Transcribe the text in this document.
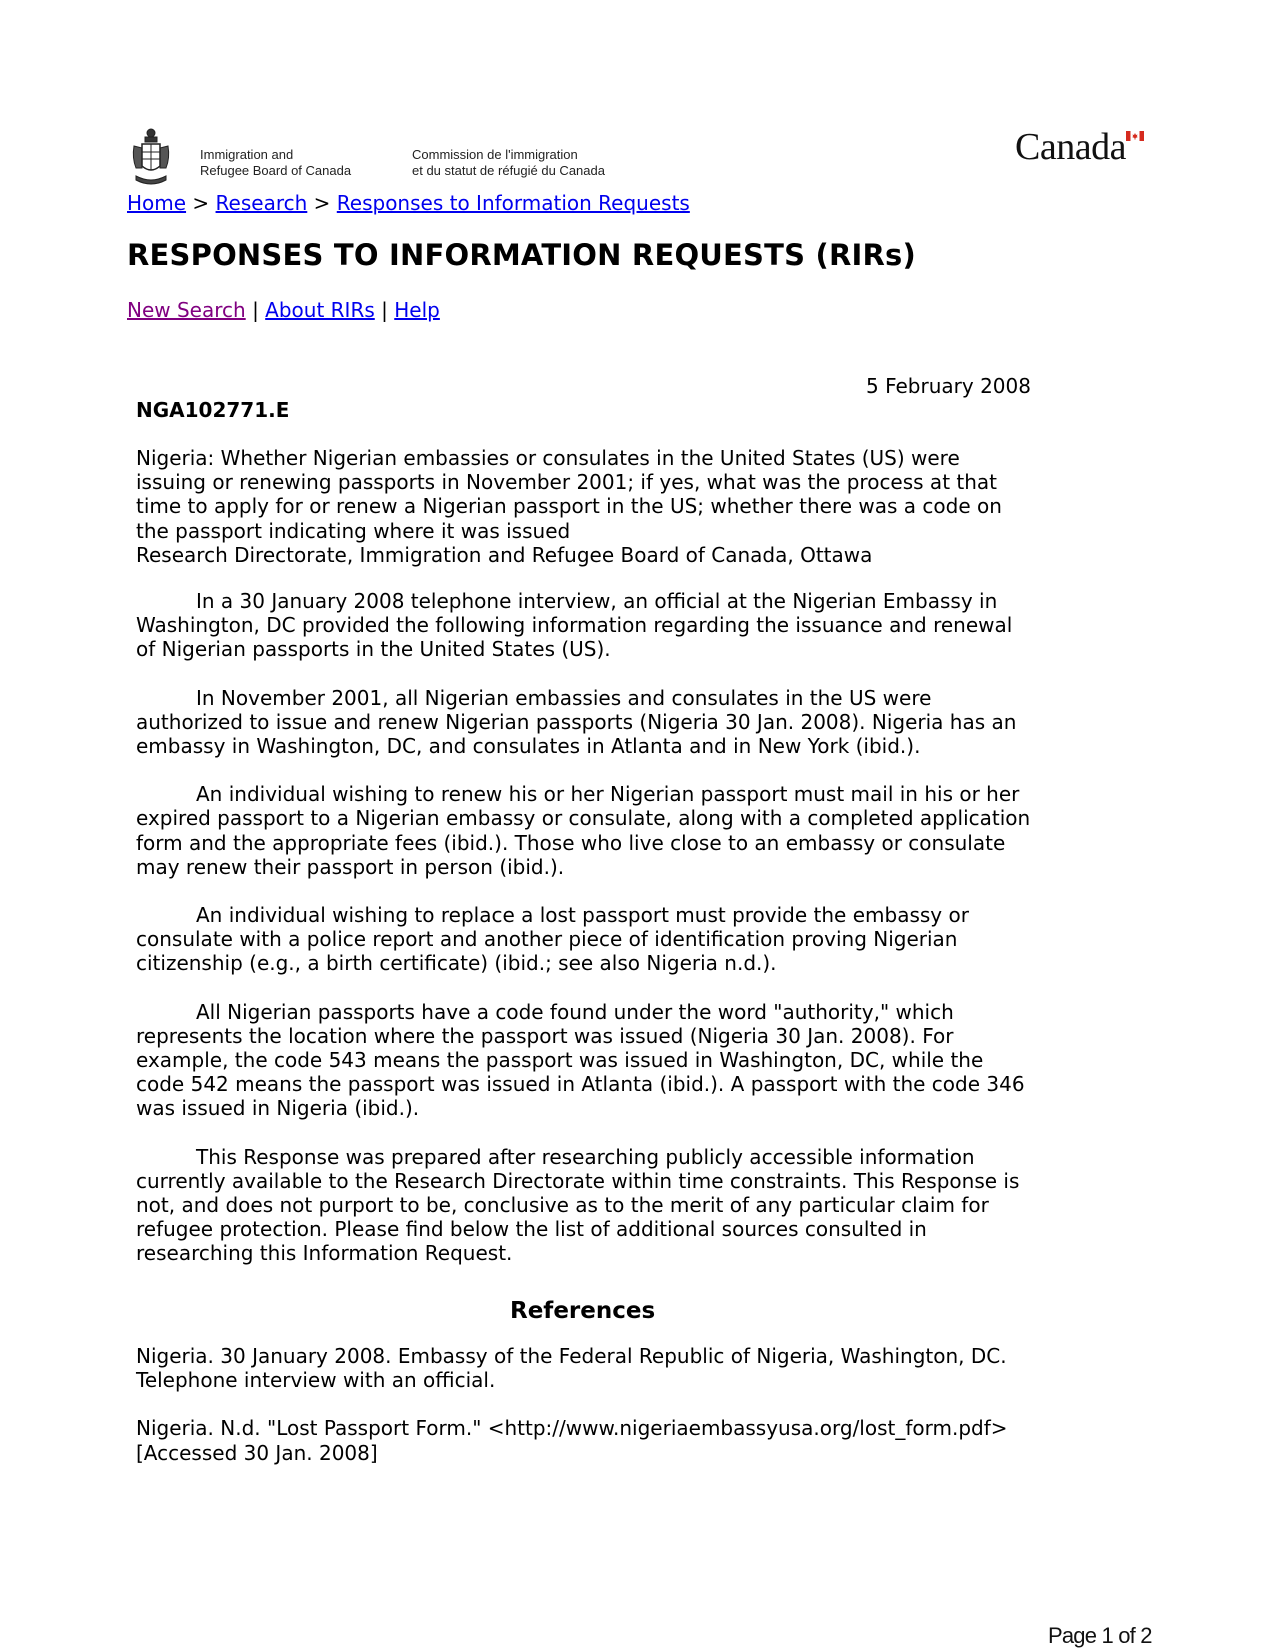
Immigration and
Refugee Board of Canada
Commission de l'immigration
et du statut de réfugié du Canada
Canada
Home > Research > Responses to Information Requests
RESPONSES TO INFORMATION REQUESTS (RIRs)
New Search | About RIRs | Help
5 February 2008
NGA102771.E

Nigeria: Whether Nigerian embassies or consulates in the United States (US) were issuing or renewing passports in November 2001; if yes, what was the process at that time to apply for or renew a Nigerian passport in the US; whether there was a code on the passport indicating where it was issued
Research Directorate, Immigration and Refugee Board of Canada, Ottawa

In a 30 January 2008 telephone interview, an official at the Nigerian Embassy in Washington, DC provided the following information regarding the issuance and renewal of Nigerian passports in the United States (US).

In November 2001, all Nigerian embassies and consulates in the US were authorized to issue and renew Nigerian passports (Nigeria 30 Jan. 2008). Nigeria has an embassy in Washington, DC, and consulates in Atlanta and in New York (ibid.).

An individual wishing to renew his or her Nigerian passport must mail in his or her expired passport to a Nigerian embassy or consulate, along with a completed application form and the appropriate fees (ibid.). Those who live close to an embassy or consulate may renew their passport in person (ibid.).

An individual wishing to replace a lost passport must provide the embassy or consulate with a police report and another piece of identification proving Nigerian citizenship (e.g., a birth certificate) (ibid.; see also Nigeria n.d.).

All Nigerian passports have a code found under the word "authority," which represents the location where the passport was issued (Nigeria 30 Jan. 2008). For example, the code 543 means the passport was issued in Washington, DC, while the code 542 means the passport was issued in Atlanta (ibid.). A passport with the code 346 was issued in Nigeria (ibid.).

This Response was prepared after researching publicly accessible information currently available to the Research Directorate within time constraints. This Response is not, and does not purport to be, conclusive as to the merit of any particular claim for refugee protection. Please find below the list of additional sources consulted in researching this Information Request.

References

Nigeria. 30 January 2008. Embassy of the Federal Republic of Nigeria, Washington, DC. Telephone interview with an official.

Nigeria. N.d. "Lost Passport Form." <http://www.nigeriaembassyusa.org/lost_form.pdf> [Accessed 30 Jan. 2008]

Page 1 of 2
